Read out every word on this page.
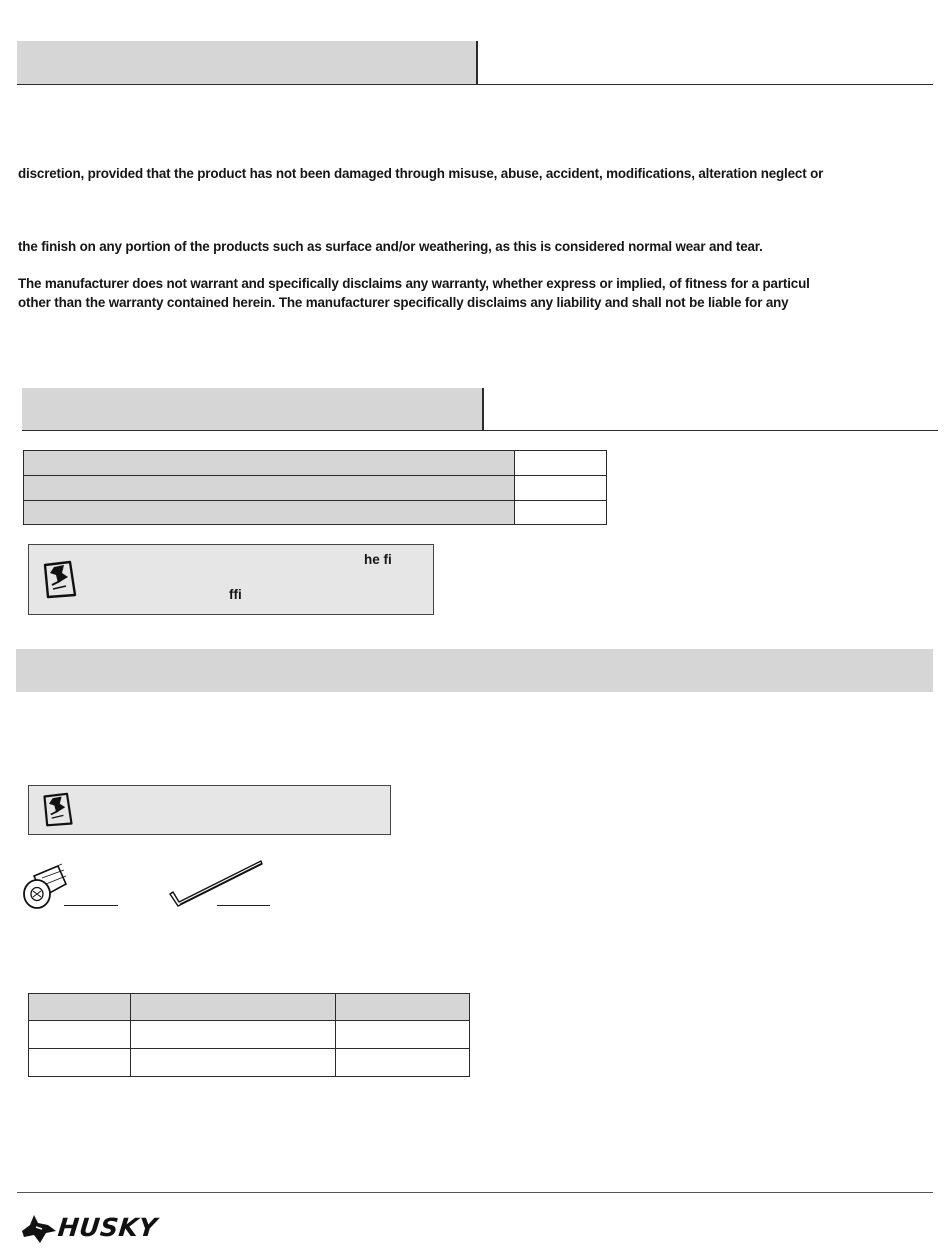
discretion, provided that the product has not been damaged through misuse, abuse, accident, modifications, alteration neglect or
the finish on any portion of the products such as surface and/or weathering, as this is considered normal wear and tear.
The manufacturer does not warrant and specifically disclaims any warranty, whether express or implied, of fitness for a particul
other than the warranty contained herein. The manufacturer specifically disclaims any liability and shall not be liable for any

he fi
ffi

HUSKY
